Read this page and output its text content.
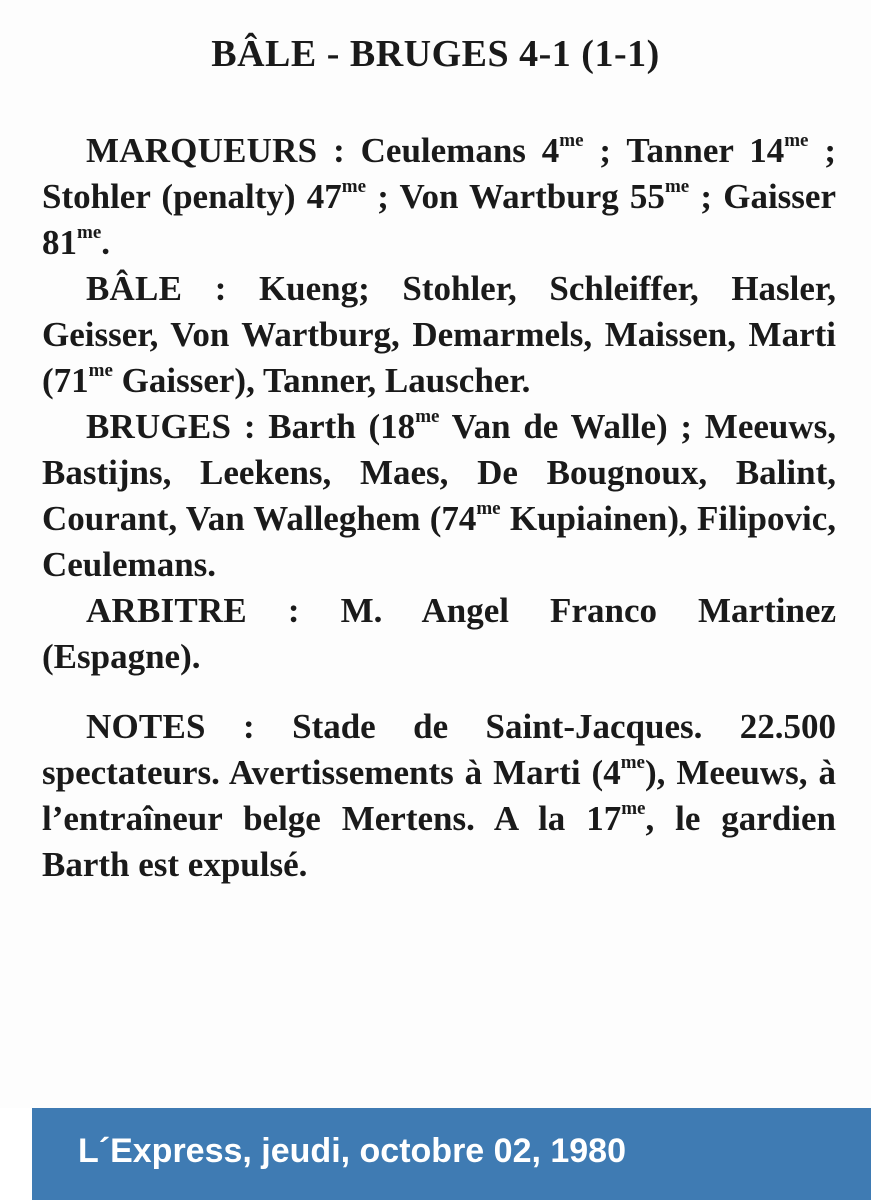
BÂLE - BRUGES 4-1 (1-1)

MARQUEURS : Ceulemans $4^{me}$ ; Tanner $14^{me}$ ; Stohler (penalty) $47^{me}$ ; Von Wartburg $55^{me}$ ; Gaisser $81^{me}$.

BÂLE : Kueng; Stohler, Schleiffer, Hasler, Geisser, Von Wartburg, Demarmels, Maissen, Marti ($71^{me}$ Gaisser), Tanner, Lauscher.

BRUGES : Barth ($18^{me}$ Van de Walle) ; Meeuws, Bastijns, Leekens, Maes, De Bougnoux, Balint, Courant, Van Walleghem ($74^{me}$ Kupiainen), Filipovic, Ceulemans.

ARBITRE : M. Angel Franco Martinez (Espagne).

NOTES : Stade de Saint-Jacques. 22.500 spectateurs. Avertissements à Marti $(4^{me})$, Meeuws, à l’entraîneur belge Mertens. A la $17^{me}$, le gardien Barth est expulsé.

L´Express, jeudi, octobre 02, 1980
